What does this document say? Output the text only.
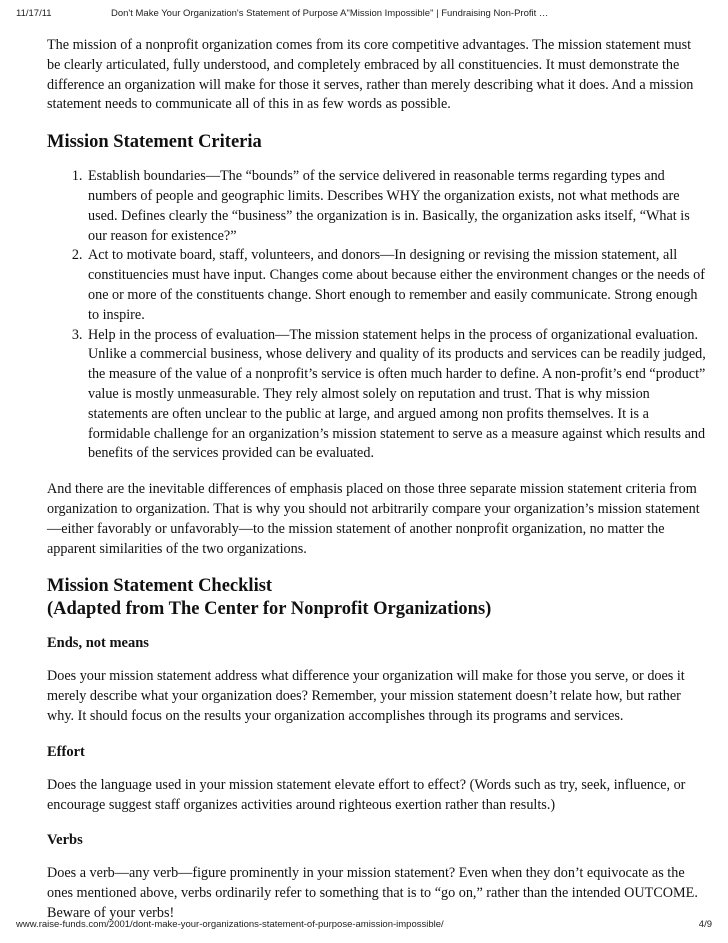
11/17/11	Don't Make Your Organization's Statement of Purpose A"Mission Impossible" | Fundraising Non-Profit …

The mission of a nonprofit organization comes from its core competitive advantages. The mission statement must be clearly articulated, fully understood, and completely embraced by all constituencies. It must demonstrate the difference an organization will make for those it serves, rather than merely describing what it does. And a mission statement needs to communicate all of this in as few words as possible.

Mission Statement Criteria
1. Establish boundaries—The “bounds” of the service delivered in reasonable terms regarding types and numbers of people and geographic limits. Describes WHY the organization exists, not what methods are used. Defines clearly the “business” the organization is in. Basically, the organization asks itself, “What is our reason for existence?”
2. Act to motivate board, staff, volunteers, and donors—In designing or revising the mission statement, all constituencies must have input. Changes come about because either the environment changes or the needs of one or more of the constituents change. Short enough to remember and easily communicate. Strong enough to inspire.
3. Help in the process of evaluation—The mission statement helps in the process of organizational evaluation. Unlike a commercial business, whose delivery and quality of its products and services can be readily judged, the measure of the value of a nonprofit’s service is often much harder to define. A non-profit’s end “product” value is mostly unmeasurable. They rely almost solely on reputation and trust. That is why mission statements are often unclear to the public at large, and argued among non profits themselves. It is a formidable challenge for an organization’s mission statement to serve as a measure against which results and benefits of the services provided can be evaluated.

And there are the inevitable differences of emphasis placed on those three separate mission statement criteria from organization to organization. That is why you should not arbitrarily compare your organization’s mission statement —either favorably or unfavorably—to the mission statement of another nonprofit organization, no matter the apparent similarities of the two organizations.

Mission Statement Checklist
(Adapted from The Center for Nonprofit Organizations)
Ends, not means

Does your mission statement address what difference your organization will make for those you serve, or does it merely describe what your organization does? Remember, your mission statement doesn’t relate how, but rather why. It should focus on the results your organization accomplishes through its programs and services.

Effort

Does the language used in your mission statement elevate effort to effect? (Words such as try, seek, influence, or encourage suggest staff organizes activities around righteous exertion rather than results.)

Verbs

Does a verb—any verb—figure prominently in your mission statement? Even when they don’t equivocate as the ones mentioned above, verbs ordinarily refer to something that is to “go on,” rather than the intended OUTCOME. Beware of your verbs!

www.raise-funds.com/2001/dont-make-your-organizations-statement-of-purpose-amission-impossible/	4/9
